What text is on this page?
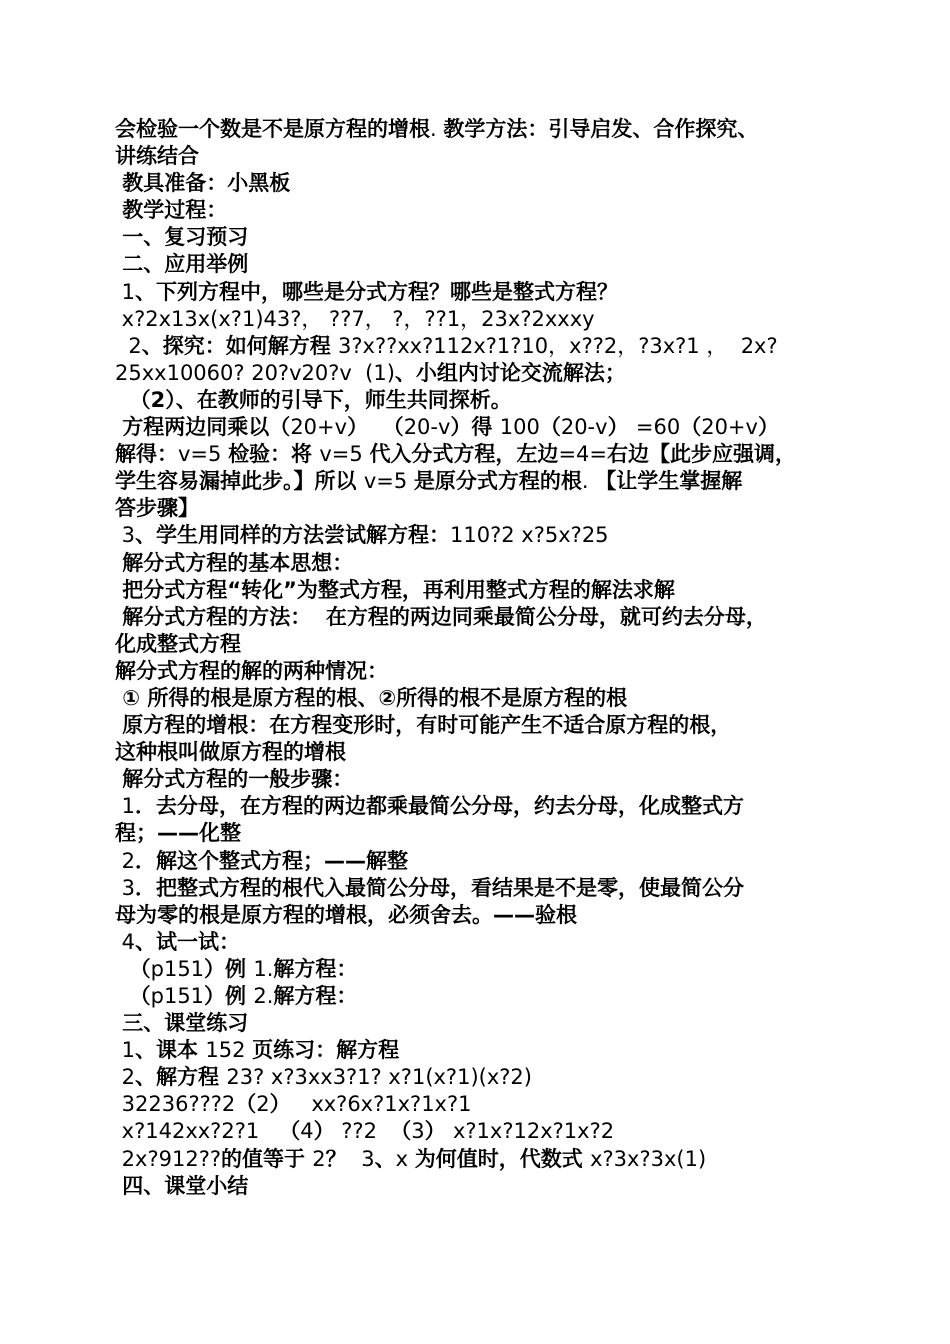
会检验一个数是不是原方程的增根. 教学方法：引导启发、合作探究、
讲练结合
教具准备：小黑板
教学过程：
一、复习预习
二、应用举例
1、下列方程中，哪些是分式方程？哪些是整式方程？
x?2x13x(x?1)43?， ??7， ?，??1，23x?2xxxy
2、探究：如何解方程 3?x??xx?112x?1?10，x??2，?3x?1 ，  2x?
25xx10060? 20?v20?v  (1)、小组内讨论交流解法；
（2）、在教师的引导下，师生共同探析。
方程两边同乘以（20+v）  （20-v）得 100（20-v） =60（20+v）
解得：v=5 检验：将 v=5 代入分式方程，左边=4=右边【此步应强调，
学生容易漏掉此步。】所以 v=5 是原分式方程的根. 【让学生掌握解
答步骤】
3、学生用同样的方法尝试解方程：110?2 x?5x?25
解分式方程的基本思想：
把分式方程“转化”为整式方程，再利用整式方程的解法求解
解分式方程的方法：  在方程的两边同乘最简公分母，就可约去分母，
化成整式方程
解分式方程的解的两种情况：
① 所得的根是原方程的根、②所得的根不是原方程的根
原方程的增根：在方程变形时，有时可能产生不适合原方程的根，
这种根叫做原方程的增根
解分式方程的一般步骤：
1．去分母，在方程的两边都乘最简公分母，约去分母，化成整式方
程；——化整
2．解这个整式方程；——解整
3．把整式方程的根代入最简公分母，看结果是不是零，使最简公分
母为零的根是原方程的增根，必须舍去。——验根
4、试一试：
（p151）例 1.解方程：
（p151）例 2.解方程：
三、课堂练习
1、课本 152 页练习：解方程
2、解方程 23? x?3xx3?1? x?1(x?1)(x?2)
32236???2（2）   xx?6x?1x?1x?1
x?142xx?2?1   （4） ??2  （3） x?1x?12x?1x?2
2x?912??的值等于 2？  3、x 为何值时，代数式 x?3x?3x(1)
四、课堂小结
